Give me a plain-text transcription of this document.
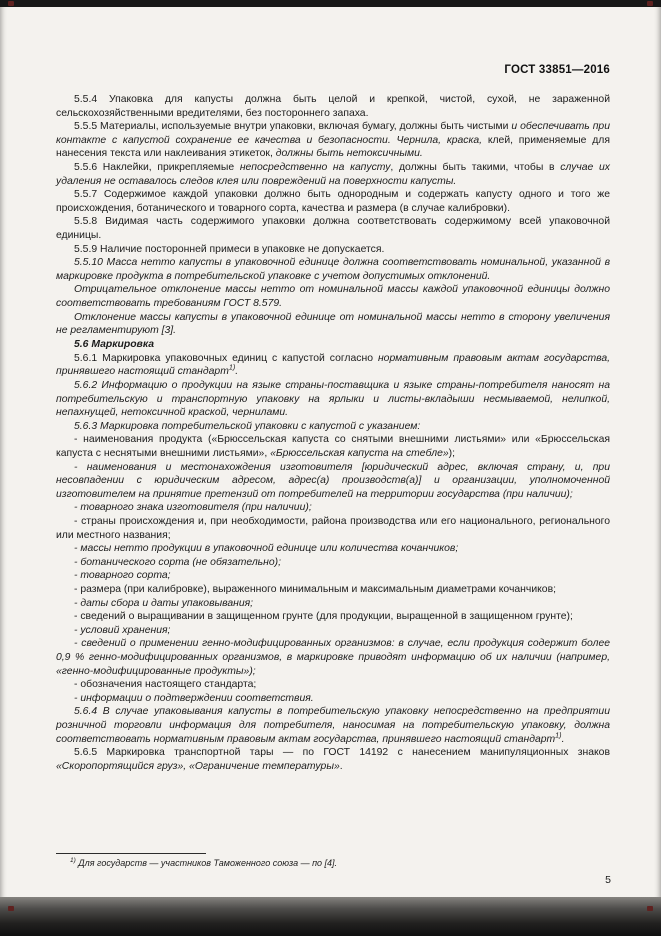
ГОСТ 33851—2016

5.5.4 Упаковка для капусты должна быть целой и крепкой, чистой, сухой, не зараженной сельскохозяйственными вредителями, без постороннего запаха.

5.5.5 Материалы, используемые внутри упаковки, включая бумагу, должны быть чистыми и обеспечивать при контакте с капустой сохранение ее качества и безопасности. Чернила, краска, клей, применяемые для нанесения текста или наклеивания этикеток, должны быть нетоксичными.

5.5.6 Наклейки, прикрепляемые непосредственно на капусту, должны быть такими, чтобы в случае их удаления не оставалось следов клея или повреждений на поверхности капусты.

5.5.7 Содержимое каждой упаковки должно быть однородным и содержать капусту одного и того же происхождения, ботанического и товарного сорта, качества и размера (в случае калибровки).

5.5.8 Видимая часть содержимого упаковки должна соответствовать содержимому всей упаковочной единицы.

5.5.9 Наличие посторонней примеси в упаковке не допускается.

5.5.10 Масса нетто капусты в упаковочной единице должна соответствовать номинальной, указанной в маркировке продукта в потребительской упаковке с учетом допустимых отклонений.

Отрицательное отклонение массы нетто от номинальной массы каждой упаковочной единицы должно соответствовать требованиям ГОСТ 8.579.

Отклонение массы капусты в упаковочной единице от номинальной массы нетто в сторону увеличения не регламентируют [3].

5.6 Маркировка

5.6.1 Маркировка упаковочных единиц с капустой согласно нормативным правовым актам государства, принявшего настоящий стандарт$^{1)}$.

5.6.2 Информацию о продукции на языке страны-поставщика и языке страны-потребителя наносят на потребительскую и транспортную упаковку на ярлыки и листы-вкладыши несмываемой, нелипкой, непахнущей, нетоксичной краской, чернилами.

5.6.3 Маркировка потребительской упаковки с капустой с указанием:

- наименования продукта («Брюссельская капуста со снятыми внешними листьями» или «Брюссельская капуста с неснятыми внешними листьями», «Брюссельская капуста на стебле»);

- наименования и местонахождения изготовителя [юридический адрес, включая страну, и, при несовпадении с юридическим адресом, адрес(а) производств(а)] и организации, уполномоченной изготовителем на принятие претензий от потребителей на территории государства (при наличии);

- товарного знака изготовителя (при наличии);

- страны происхождения и, при необходимости, района производства или его национального, регионального или местного названия;

- массы нетто продукции в упаковочной единице или количества кочанчиков;

- ботанического сорта (не обязательно);

- товарного сорта;

- размера (при калибровке), выраженного минимальным и максимальным диаметрами кочанчиков;

- даты сбора и даты упаковывания;

- сведений о выращивании в защищенном грунте (для продукции, выращенной в защищенном грунте);

- условий хранения;

- сведений о применении генно-модифицированных организмов: в случае, если продукция содержит более 0,9 % генно-модифицированных организмов, в маркировке приводят информацию об их наличии (например, «генно-модифицированные продукты»);

- обозначения настоящего стандарта;

- информации о подтверждении соответствия.

5.6.4 В случае упаковывания капусты в потребительскую упаковку непосредственно на предприятии розничной торговли информация для потребителя, наносимая на потребительскую упаковку, должна соответствовать нормативным правовым актам государства, принявшего настоящий стандарт$^{1)}$.

5.6.5 Маркировка транспортной тары — по ГОСТ 14192 с нанесением манипуляционных знаков «Скоропортящийся груз», «Ограничение температуры».

$^{1)}$ Для государств — участников Таможенного союза — по [4].
5
